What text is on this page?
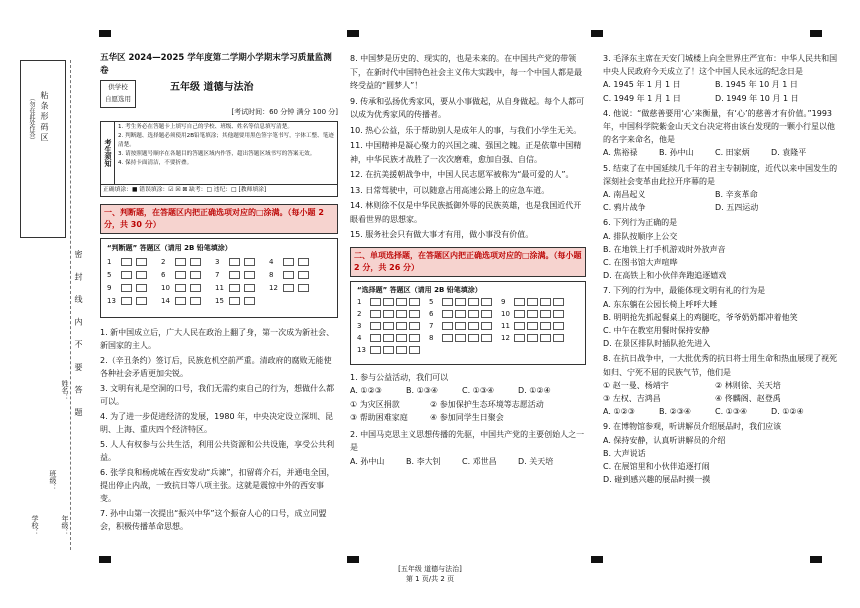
粘 条 形 码 区
（勿在此处作答）
密 封 线 内 不 要 答 题
学校：
班级：
年级：
姓名：
五华区 2024—2025 学年度第二学期小学期末学习质量监测卷
供学校
自愿选用
五年级 道德与法治
[考试时间：60 分钟 满分 100 分]
考生须知
1. 考生务必在答题卡上填写自己的学校、班级、姓名等信息填写清楚。
2. 判断题、选择题必须使用2B铅笔填涂；其他题要用黑色签字笔书写，字体工整、笔迹清楚。
3. 请按照题号顺序在各题目的答题区域内作答，超出答题区域书写的答案无效。
4. 保持卡面清洁，不要折叠。
正确填涂：■ 错误填涂：☑ ☒ ⊠ 缺考：□ 违纪：□ [教师填涂]
一、判断题，在答题区内把正确选项对应的□涂满。（每小题 2 分，共 30 分）
“判断题” 答题区（请用 2B 铅笔填涂）
1	2	3	4
5	6	7	8
9	10	11	12
13	14	15

1. 新中国成立后，广大人民在政治上翻了身，第一次成为新社会、新国家的主人。

2.（辛丑条约）签订后，民族危机空前严重。清政府的腐败无能使各种社会矛盾更加尖锐。

3. 文明有礼是空洞的口号，我们无需约束自己的行为，想做什么都可以。

4. 为了进一步促进经济的发展，1980 年，中央决定设立深圳、昆明、上海、重庆四个经济特区。

5. 人人有权参与公共生活，利用公共资源和公共设施，享受公共利益。

6. 张学良和杨虎城在西安发动“兵谏”，扣留蒋介石，并通电全国，提出停止内战，一致抗日等八项主张。这就是震惊中外的西安事变。

7. 孙中山第一次提出“振兴中华”这个振奋人心的口号，成立同盟会，积极传播革命思想。

8. 中国梦是历史的、现实的，也是未来的。在中国共产党的带领下，在新时代中国特色社会主义伟大实践中，每一个中国人都是最终受益的“圆梦人”！

9. 传承和弘扬优秀家风，要从小事做起，从自身做起。每个人都可以成为优秀家风的传播者。

10. 热心公益，乐于帮助别人是成年人的事，与我们小学生无关。

11. 中国精神是凝心聚力的兴国之魂、强国之魄。正是依靠中国精神，中华民族才战胜了一次次磨难，愈加自强、自信。

12. 在抗美援朝战争中，中国人民志愿军被称为“最可爱的人”。

13. 日常驾驶中，可以随意占用高速公路上的应急车道。

14. 林则徐不仅是中华民族抵御外辱的民族英雄，也是我国近代开眼看世界的思想家。

15. 服务社会只有做大事才有用，做小事没有价值。

二、单项选择题，在答题区内把正确选项对应的□涂满。（每小题 2 分，共 26 分）
“选择题” 答题区（请用 2B 铅笔填涂）
1	5	9
2	6	10
3	7	11
4	8	12
13
1. 参与公益活动，我们可以
A. ①②③	B. ①③④	C. ①③④	D. ①②④
① 为灾区捐款	② 参加保护生态环境等志愿活动
③ 帮助困难家庭	④ 参加同学生日聚会
2. 中国马克思主义思想传播的先驱，中国共产党的主要创始人之一是
A. 孙中山	B. 李大钊	C. 邓世昌	D. 关天培
3. 毛泽东主席在天安门城楼上向全世界庄严宣布：中华人民共和国中央人民政府今天成立了！这个中国人民永远的纪念日是
A. 1945 年 1 月 1 日	B. 1945 年 10 月 1 日
C. 1949 年 1 月 1 日	D. 1949 年 10 月 1 日
4. 他说：“做慈善要用‘心’来衡量，有‘心’的慈善才有价值。”1993 年，中国科学院紫金山天文台决定将由该台发现的一颗小行星以他的名字来命名，他是
A. 焦裕禄	B. 孙中山	C. 田家炳	D. 袁隆平
5. 结束了在中国延续几千年的君主专制制度，近代以来中国发生的深刻社会变革由此拉开序幕的是
A. 南昌起义	B. 辛亥革命
C. 鸦片战争	D. 五四运动
6. 下列行为正确的是
A. 排队按顺序上公交
B. 在地铁上打手机游戏时外放声音
C. 在图书馆大声喧哗
D. 在高铁上和小伙伴奔跑追逐嬉戏
7. 下列的行为中，最能体现文明有礼的行为是
A. 东东躺在公园长椅上呼呼大睡
B. 明明抢先抓起餐桌上的鸡腿吃，爷爷奶奶都冲着他笑
C. 中午在教室用餐时保持安静
D. 在景区排队时插队抢先进入
8. 在抗日战争中，一大批优秀的抗日将士用生命和热血展现了视死如归、宁死不屈的民族气节，他们是
① 赵一曼、杨靖宇	② 林则徐、关天培
③ 左权、吉鸿昌	④ 佟麟阁、赵登禹
A. ①②③	B. ②③④	C. ①③④	D. ①②④
9. 在博物馆参观，听讲解员介绍展品时，我们应该
A. 保持安静，认真听讲解员的介绍
B. 大声说话
C. 在展馆里和小伙伴追逐打闹
D. 碰到感兴趣的展品时摸一摸
[五年级 道德与法治]
第 1 页/共 2 页
